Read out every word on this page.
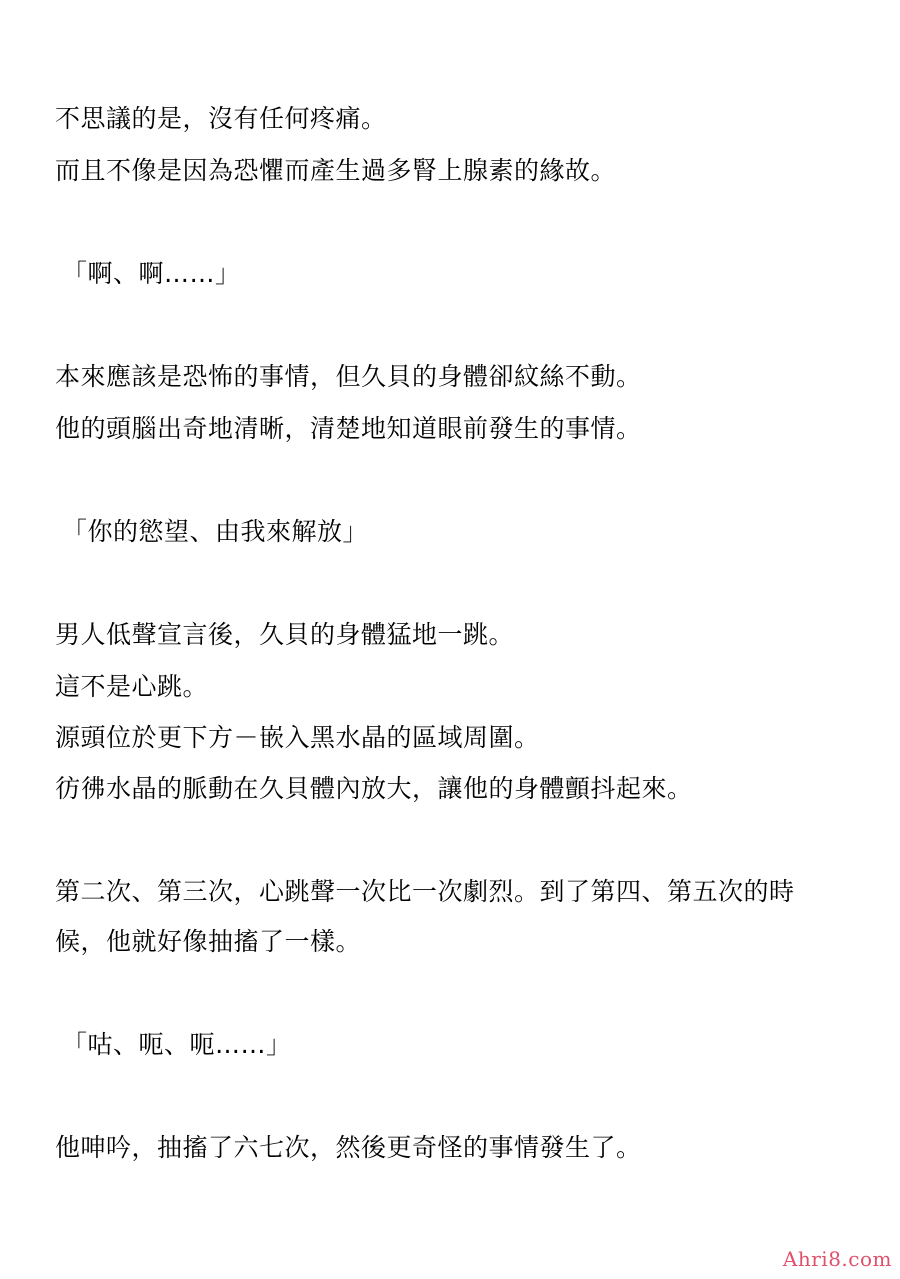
不思議的是，沒有任何疼痛。
而且不像是因為恐懼而產生過多腎上腺素的緣故。
「啊、啊……」
本來應該是恐怖的事情，但久貝的身體卻紋絲不動。
他的頭腦出奇地清晰，清楚地知道眼前發生的事情。
「你的慾望、由我來解放」
男人低聲宣言後，久貝的身體猛地一跳。
這不是心跳。
源頭位於更下方－嵌入黑水晶的區域周圍。
彷彿水晶的脈動在久貝體內放大，讓他的身體顫抖起來。
第二次、第三次，心跳聲一次比一次劇烈。到了第四、第五次的時
候，他就好像抽搐了一樣。
「咕、呃、呃……」
他呻吟，抽搐了六七次，然後更奇怪的事情發生了。
Ahri8.com
